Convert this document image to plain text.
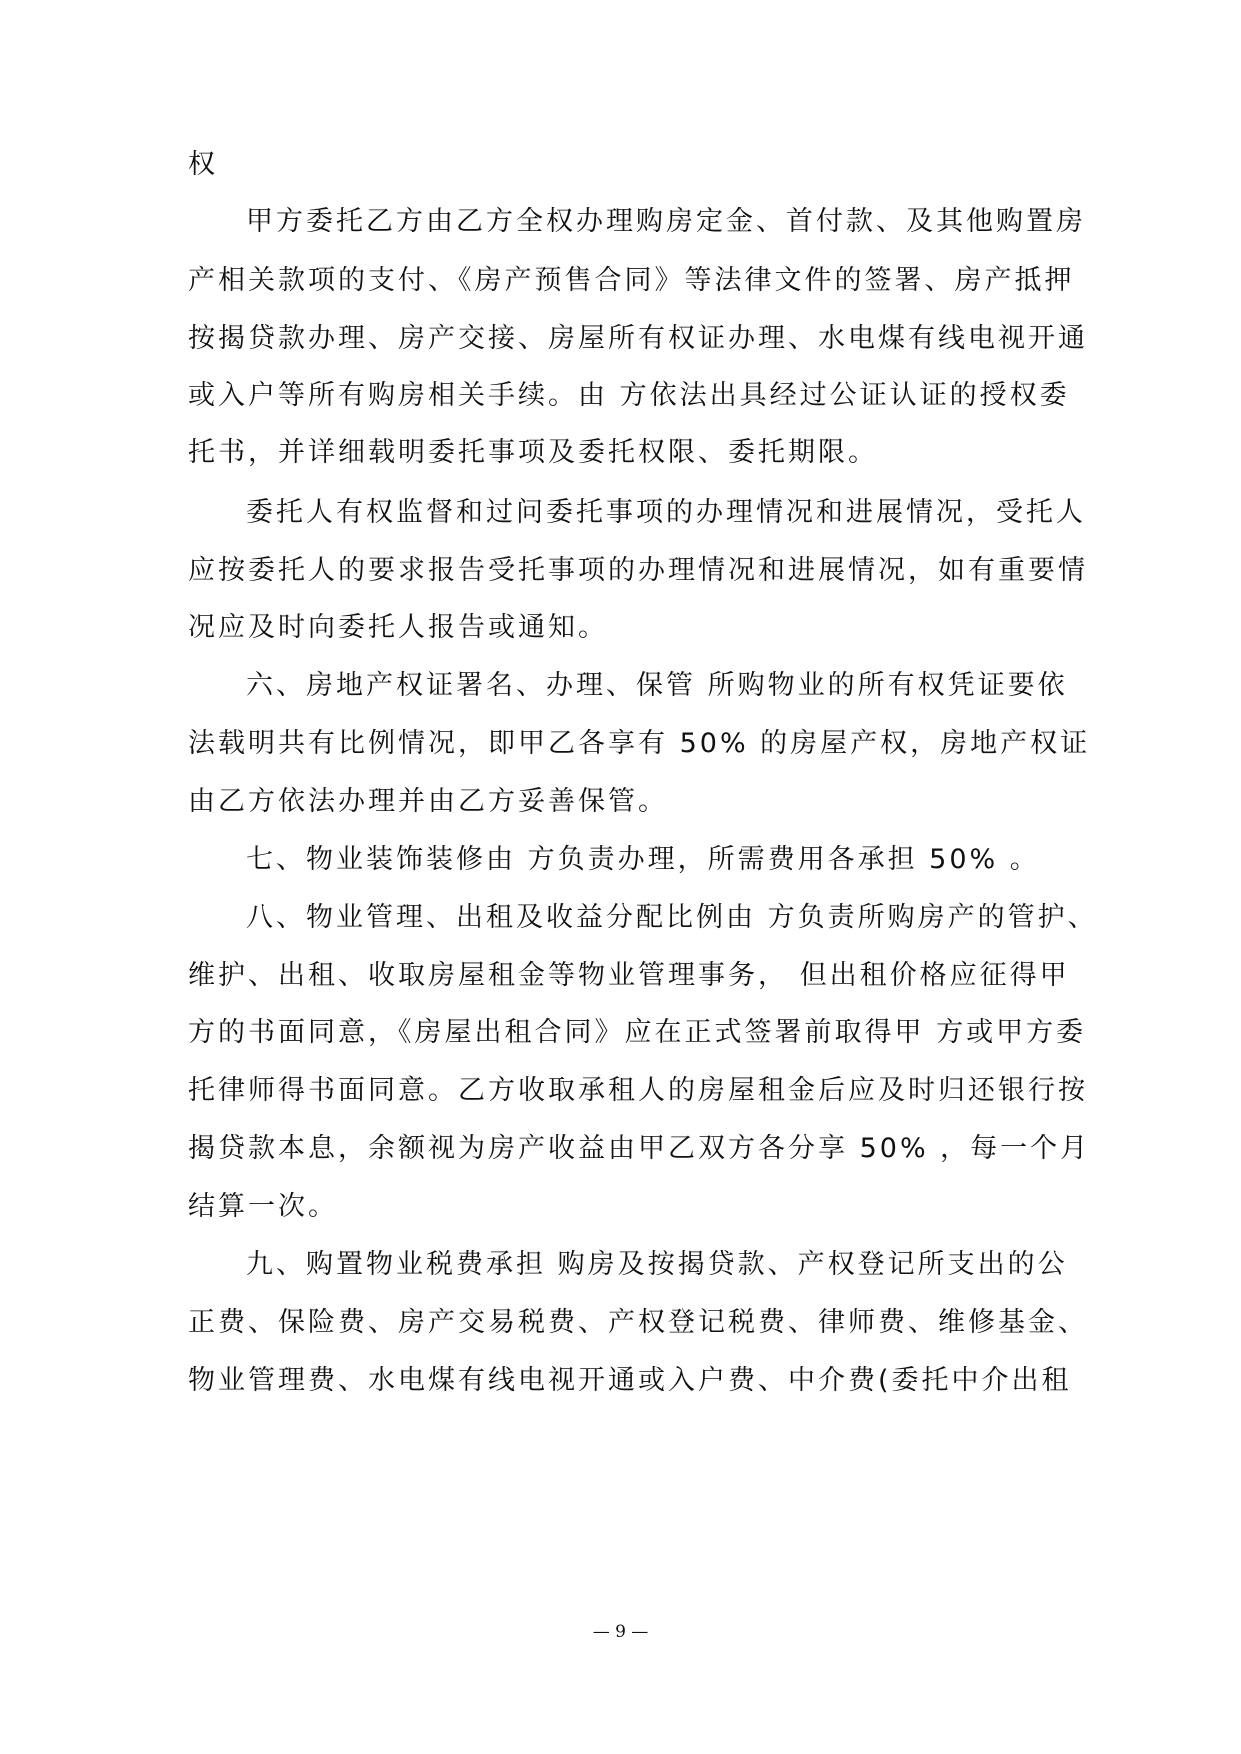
权
甲方委托乙方由乙方全权办理购房定金、首付款、及其他购置房
产相关款项的支付、《房产预售合同》等法律文件的签署、房产抵押
按揭贷款办理、房产交接、房屋所有权证办理、水电煤有线电视开通
或入户等所有购房相关手续。由 方依法出具经过公证认证的授权委
托书，并详细载明委托事项及委托权限、委托期限。
委托人有权监督和过问委托事项的办理情况和进展情况，受托人
应按委托人的要求报告受托事项的办理情况和进展情况，如有重要情
况应及时向委托人报告或通知。
六、房地产权证署名、办理、保管 所购物业的所有权凭证要依
法载明共有比例情况，即甲乙各享有 50% 的房屋产权，房地产权证
由乙方依法办理并由乙方妥善保管。
七、物业装饰装修由 方负责办理，所需费用各承担 50% 。
八、物业管理、出租及收益分配比例由 方负责所购房产的管护、
维护、出租、收取房屋租金等物业管理事务， 但出租价格应征得甲
方的书面同意，《房屋出租合同》应在正式签署前取得甲 方或甲方委
托律师得书面同意。乙方收取承租人的房屋租金后应及时归还银行按
揭贷款本息，余额视为房产收益由甲乙双方各分享 50% ，每一个月
结算一次。
九、购置物业税费承担 购房及按揭贷款、产权登记所支出的公
正费、保险费、房产交易税费、产权登记税费、律师费、维修基金、
物业管理费、水电煤有线电视开通或入户费、中介费(委托中介出租
— 9 —
